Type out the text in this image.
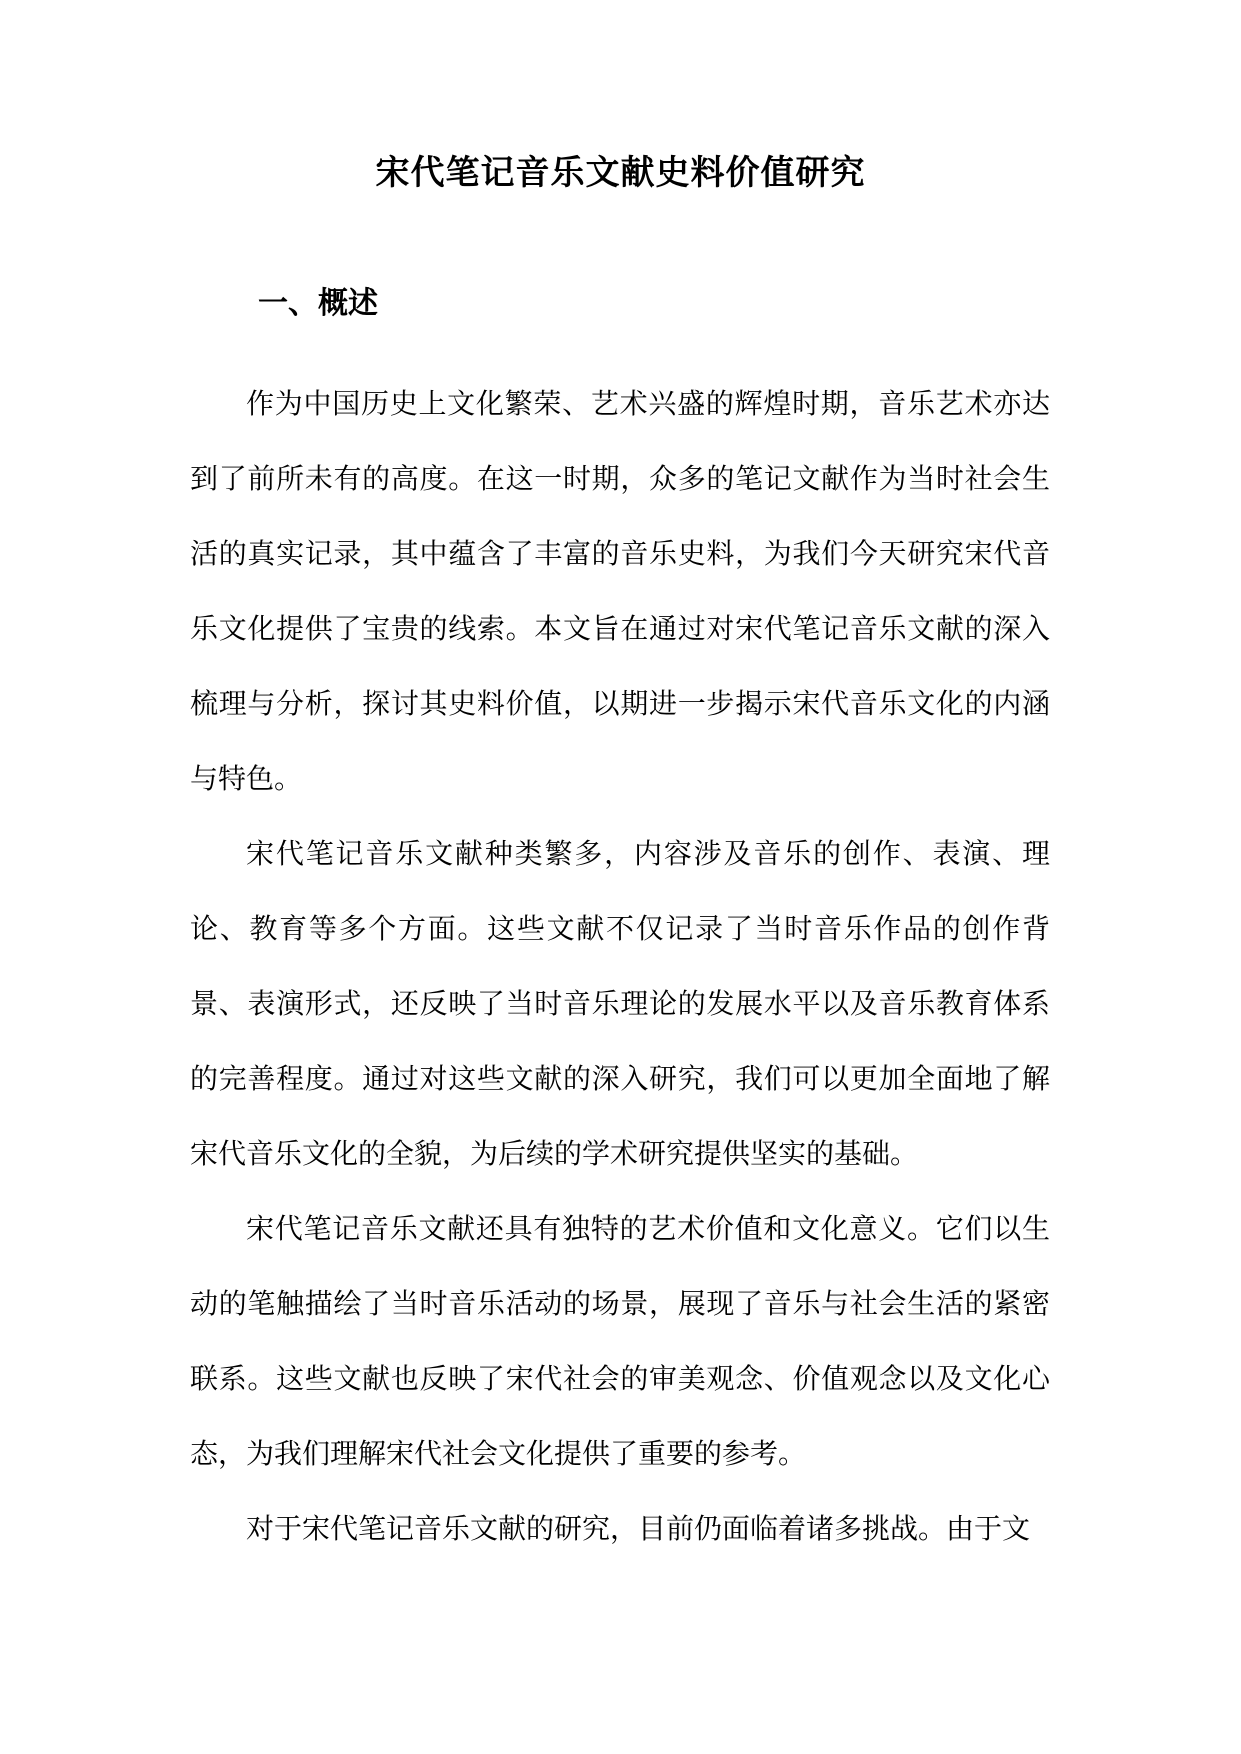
宋代笔记音乐文献史料价值研究
一、概述

作为中国历史上文化繁荣、艺术兴盛的辉煌时期，音乐艺术亦达到了前所未有的高度。在这一时期，众多的笔记文献作为当时社会生活的真实记录，其中蕴含了丰富的音乐史料，为我们今天研究宋代音乐文化提供了宝贵的线索。本文旨在通过对宋代笔记音乐文献的深入梳理与分析，探讨其史料价值，以期进一步揭示宋代音乐文化的内涵与特色。

宋代笔记音乐文献种类繁多，内容涉及音乐的创作、表演、理论、教育等多个方面。这些文献不仅记录了当时音乐作品的创作背景、表演形式，还反映了当时音乐理论的发展水平以及音乐教育体系的完善程度。通过对这些文献的深入研究，我们可以更加全面地了解宋代音乐文化的全貌，为后续的学术研究提供坚实的基础。

宋代笔记音乐文献还具有独特的艺术价值和文化意义。它们以生动的笔触描绘了当时音乐活动的场景，展现了音乐与社会生活的紧密联系。这些文献也反映了宋代社会的审美观念、价值观念以及文化心态，为我们理解宋代社会文化提供了重要的参考。

对于宋代笔记音乐文献的研究，目前仍面临着诸多挑战。由于文
